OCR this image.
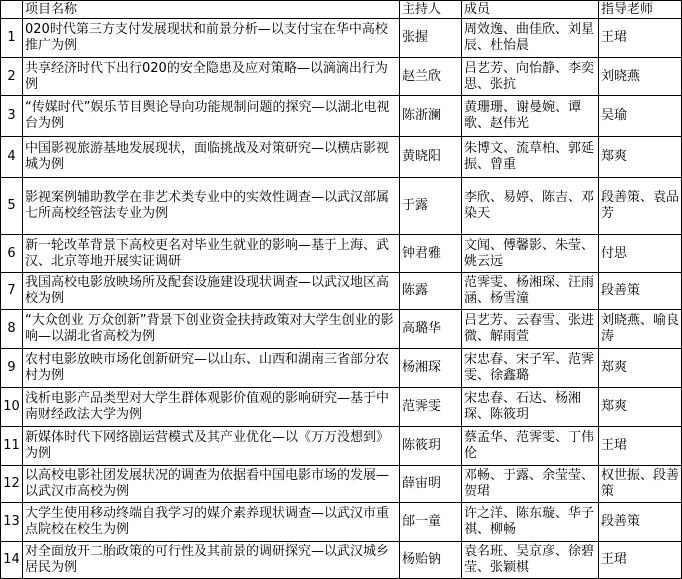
	项目名称	主持人	成员	指导老师
1	020时代第三方支付发展现状和前景分析—以支付宝在华中高校推广为例	张握	周效逸、曲佳欣、刘星辰、杜怡晨	王珺
2	共享经济时代下出行020的安全隐患及应对策略—以滴滴出行为例	赵兰欣	吕艺芳、向怡静、李奕思、张抗	刘晓燕
3	“传媒时代”娱乐节目舆论导向功能规制问题的探究—以湖北电视台为例	陈浙澜	黄珊珊、谢曼婉、谭歌、赵伟光	吴瑜
4	中国影视旅游基地发展现状，面临挑战及对策研究—以横店影视城为例	黄晓阳	朱博文、流草柏、郭延振、曾重	郑爽
5	影视案例辅助教学在非艺术类专业中的实效性调查—以武汉部属七所高校经管法专业为例	于露	李欣、易婷、陈吉、邓染天	段善策、袁品芳
6	新一轮改革背景下高校更名对毕业生就业的影响—基于上海、武汉、北京等地开展实证调研	钟君雅	文闻、傅馨影、朱莹、姚云远	付思
7	我国高校电影放映场所及配套设施建设现状调查—以武汉地区高校为例	陈露	范霁雯、杨湘琛、汪雨涵、杨雪潼	段善策
8	“大众创业 万众创新”背景下创业资金扶持政策对大学生创业的影响—以湖北省高校为例	高璐华	吕艺芳、云春雪、张进微、解雨萱	刘晓燕、喻良涛
9	农村电影放映市场化创新研究—以山东、山西和湖南三省部分农村为例	杨湘琛	宋忠春、宋子军、范霁雯、徐鑫璐	郑爽
10	浅析电影产品类型对大学生群体观影价值观的影响研究—基于中南财经政法大学为例	范霁雯	宋忠春、石达、杨湘琛、陈筱玥	郑爽
11	新媒体时代下网络剧运营模式及其产业优化—以《万万没想到》为例	陈筱玥	蔡孟华、范霁雯、丁伟伦	王珺
12	以高校电影社团发展状况的调查为依据看中国电影市场的发展—以武汉市高校为例	薛宙明	邓畅、于露、余莹莹、贺珺	权世振、段善策
13	大学生使用移动终端自我学习的媒介素养现状调查—以武汉市重点院校在校生为例	邰一童	许之洋、陈东璇、华子祺、柳畅	段善策
14	对全面放开二胎政策的可行性及其前景的调研探究—以武汉城乡居民为例	杨贻钠	袁名班、吴京彦、徐碧莹、张颖棋	王珺
